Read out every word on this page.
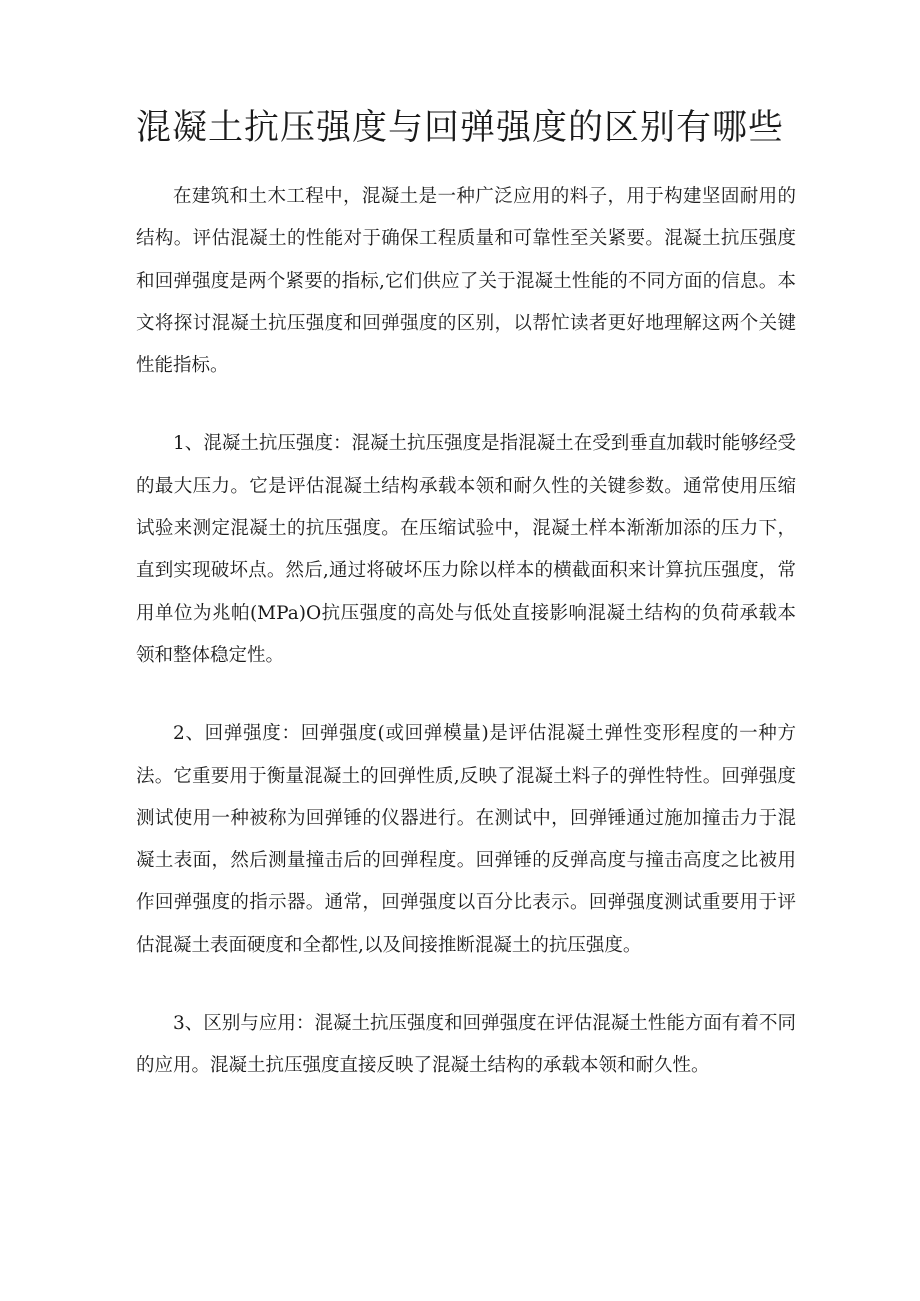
混凝土抗压强度与回弹强度的区别有哪些

在建筑和土木工程中，混凝土是一种广泛应用的料子，用于构建坚固耐用的结构。评估混凝土的性能对于确保工程质量和可靠性至关紧要。混凝土抗压强度和回弹强度是两个紧要的指标,它们供应了关于混凝土性能的不同方面的信息。本文将探讨混凝土抗压强度和回弹强度的区别，以帮忙读者更好地理解这两个关键性能指标。

1、混凝土抗压强度：混凝土抗压强度是指混凝土在受到垂直加载时能够经受的最大压力。它是评估混凝土结构承载本领和耐久性的关键参数。通常使用压缩试验来测定混凝土的抗压强度。在压缩试验中，混凝土样本渐渐加添的压力下，直到实现破坏点。然后,通过将破坏压力除以样本的横截面积来计算抗压强度，常用单位为兆帕(MPa)O抗压强度的高处与低处直接影响混凝土结构的负荷承载本领和整体稳定性。

2、回弹强度：回弹强度(或回弹模量)是评估混凝土弹性变形程度的一种方法。它重要用于衡量混凝土的回弹性质,反映了混凝土料子的弹性特性。回弹强度测试使用一种被称为回弹锤的仪器进行。在测试中，回弹锤通过施加撞击力于混凝土表面，然后测量撞击后的回弹程度。回弹锤的反弹高度与撞击高度之比被用作回弹强度的指示器。通常，回弹强度以百分比表示。回弹强度测试重要用于评估混凝土表面硬度和全都性,以及间接推断混凝土的抗压强度。

3、区别与应用：混凝土抗压强度和回弹强度在评估混凝土性能方面有着不同的应用。混凝土抗压强度直接反映了混凝土结构的承载本领和耐久性。
